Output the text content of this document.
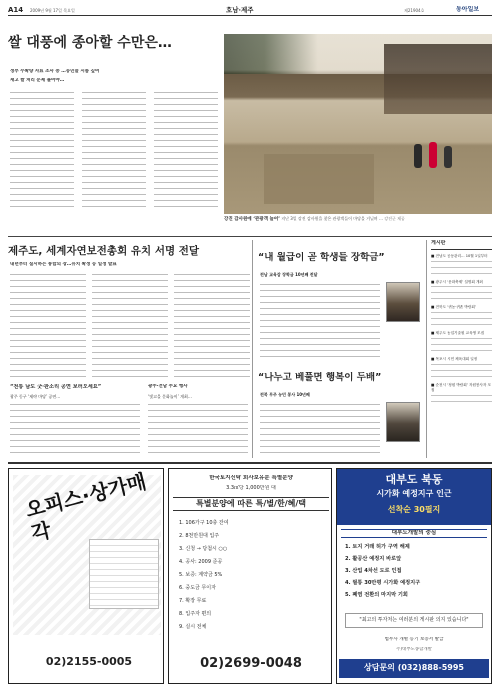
A14 2009년 9월 17일 목요일	호남·제주	제21904호	동아일보
쌀 대풍에 종아할 수만은…
정부 수확량 자료 조사 중 …농민들 시름 깊어
재고 쌀 처리 문제 풀어야…
강진 감사원에 ‘관광객 늘어’ 지난 3일 강진 감사원을 찾은 관광객들이 마당을 거닐며 … 강진군 제공
제주도, 세계자연보전총회 유치 서명 전달
내년부터 실시하는 통합의 장…유치 확정 등 일정 발표
“전통 남도 굿·판소리 공연 보러오세요”
광주 동구 ‘제야 마당’ 공연…
광주·전남 주요 행사
‘빛고을 문화놀이’ 개최…
“내 월급이 곧 학생들 장학금”
전남 교육감 장학금 10년째 전달
“나누고 베풀면 행복이 두배”
전북 무주 농민 봉사 10년째
게시판
■ 전남도 공동관리… 10월 1일부터
■ 광주시 ‘문화축제’ 설명회 개최
■ 전북도 ‘귀농·귀촌 박람회’
■ 제주도 농업기술원 교육생 모집
■ 목포시 시민 체육대회 일정
■ 순천시 ‘정원 박람회’ 자원봉사자 모집
오피스·상가매각
02)2155-0005
한국토지신탁 회사보유분 특별분양
3.3㎡당 1,000만원 대
특별분양에 따른 특/별/한/혜/택
1. 106가구 10층 잔여
2. 8천만원대 입주
3. 신청 → 당첨시 ○○
4. 공사: 2009 준공
5. 보증: 계약금 5%
6. 중도금 무이자
7. 확장 무료
8. 입주자 편의
9. 실시 전체
02)2699-0048
대부도 북동
시가화 예정지구 인근
선착순 30필지
대부도개발의 중심
1. 토지 거래 허가 구역 해제
2. 활공산 예정지 바로앞
3. 산업 4차선 도로 인접
4. 필통 30만평 시가화 예정지구
5. 폐염 전환의 마지막 기회
"최고의 투자처는 여러분의 게시판 의지 있습니다"
법무사 개별 등기 보증서 발급
주)대부도종합개발
상담문의 (032)888-5995
